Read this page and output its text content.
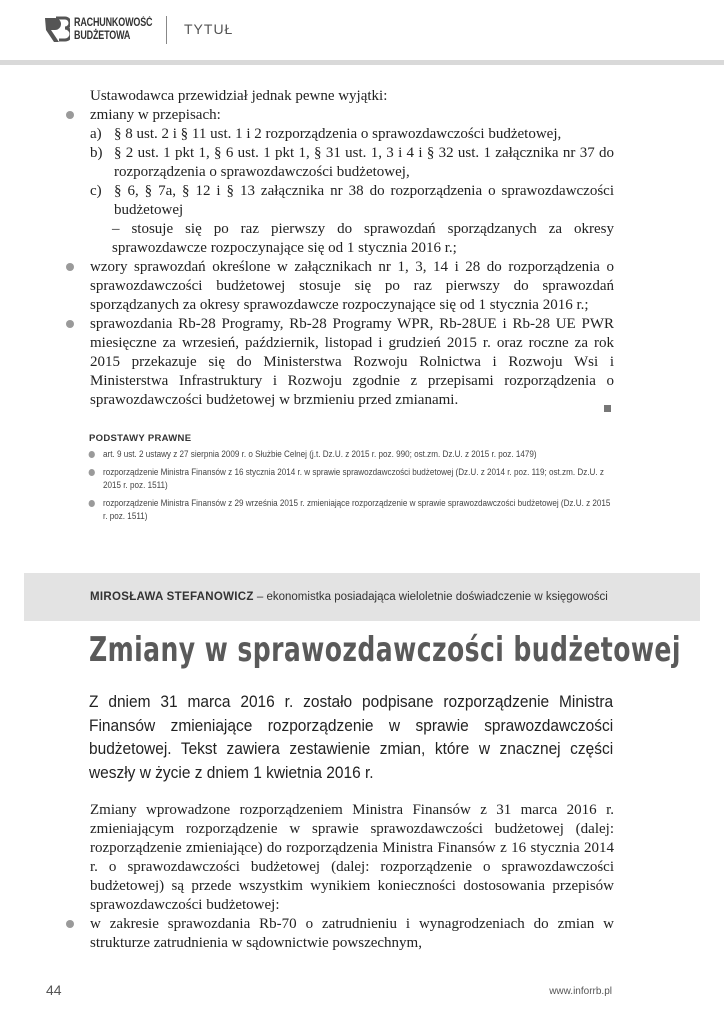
RACHUNKOWOŚĆ
BUDŻETOWA	TYTUŁ

Ustawodawca przewidział jednak pewne wyjątki:

zmiany w przepisach:
a) § 8 ust. 2 i § 11 ust. 1 i 2 rozporządzenia o sprawozdawczości budżetowej,
b) § 2 ust. 1 pkt 1, § 6 ust. 1 pkt 1, § 31 ust. 1, 3 i 4 i § 32 ust. 1 załącznika nr 37 do rozporządzenia o sprawozdawczości budżetowej,
c) § 6, § 7a, § 12 i § 13 załącznika nr 38 do rozporządzenia o sprawozdawczości budżetowej

– stosuje się po raz pierwszy do sprawozdań sporządzanych za okresy sprawozdawcze rozpoczynające się od 1 stycznia 2016 r.;

wzory sprawozdań określone w załącznikach nr 1, 3, 14 i 28 do rozporządzenia o sprawozdawczości budżetowej stosuje się po raz pierwszy do sprawozdań sporządzanych za okresy sprawozdawcze rozpoczynające się od 1 stycznia 2016 r.;
sprawozdania Rb-28 Programy, Rb-28 Programy WPR, Rb-28UE i Rb-28 UE PWR miesięczne za wrzesień, październik, listopad i grudzień 2015 r. oraz roczne za rok 2015 przekazuje się do Ministerstwa Rozwoju Rolnictwa i Rozwoju Wsi i Ministerstwa Infrastruktury i Rozwoju zgodnie z przepisami rozporządzenia o sprawozdawczości budżetowej w brzmieniu przed zmianami.
PODSTAWY PRAWNE
art. 9 ust. 2 ustawy z 27 sierpnia 2009 r. o Służbie Celnej (j.t. Dz.U. z 2015 r. poz. 990; ost.zm. Dz.U. z 2015 r. poz. 1479)
rozporządzenie Ministra Finansów z 16 stycznia 2014 r. w sprawie sprawozdawczości budżetowej (Dz.U. z 2014 r. poz. 119; ost.zm. Dz.U. z 2015 r. poz. 1511)
rozporządzenie Ministra Finansów z 29 września 2015 r. zmieniające rozporządzenie w sprawie sprawozdawczości budżetowej (Dz.U. z 2015 r. poz. 1511)
MIROSŁAWA STEFANOWICZ – ekonomistka posiadająca wieloletnie doświadczenie w księgowości
Zmiany w sprawozdawczości budżetowej
Z dniem 31 marca 2016 r. zostało podpisane rozporządzenie Ministra Finansów zmieniające rozporządzenie w sprawie sprawozdawczości budżetowej. Tekst zawiera zestawienie zmian, które w znacznej części weszły w życie z dniem 1 kwietnia 2016 r.

Zmiany wprowadzone rozporządzeniem Ministra Finansów z 31 marca 2016 r. zmieniającym rozporządzenie w sprawie sprawozdawczości budżetowej (dalej: rozporządzenie zmieniające) do rozporządzenia Ministra Finansów z 16 stycznia 2014 r. o sprawozdawczości budżetowej (dalej: rozporządzenie o sprawozdawczości budżetowej) są przede wszystkim wynikiem konieczności dostosowania przepisów sprawozdawczości budżetowej:

w zakresie sprawozdania Rb-70 o zatrudnieniu i wynagrodzeniach do zmian w strukturze zatrudnienia w sądownictwie powszechnym,
44	www.inforrb.pl
